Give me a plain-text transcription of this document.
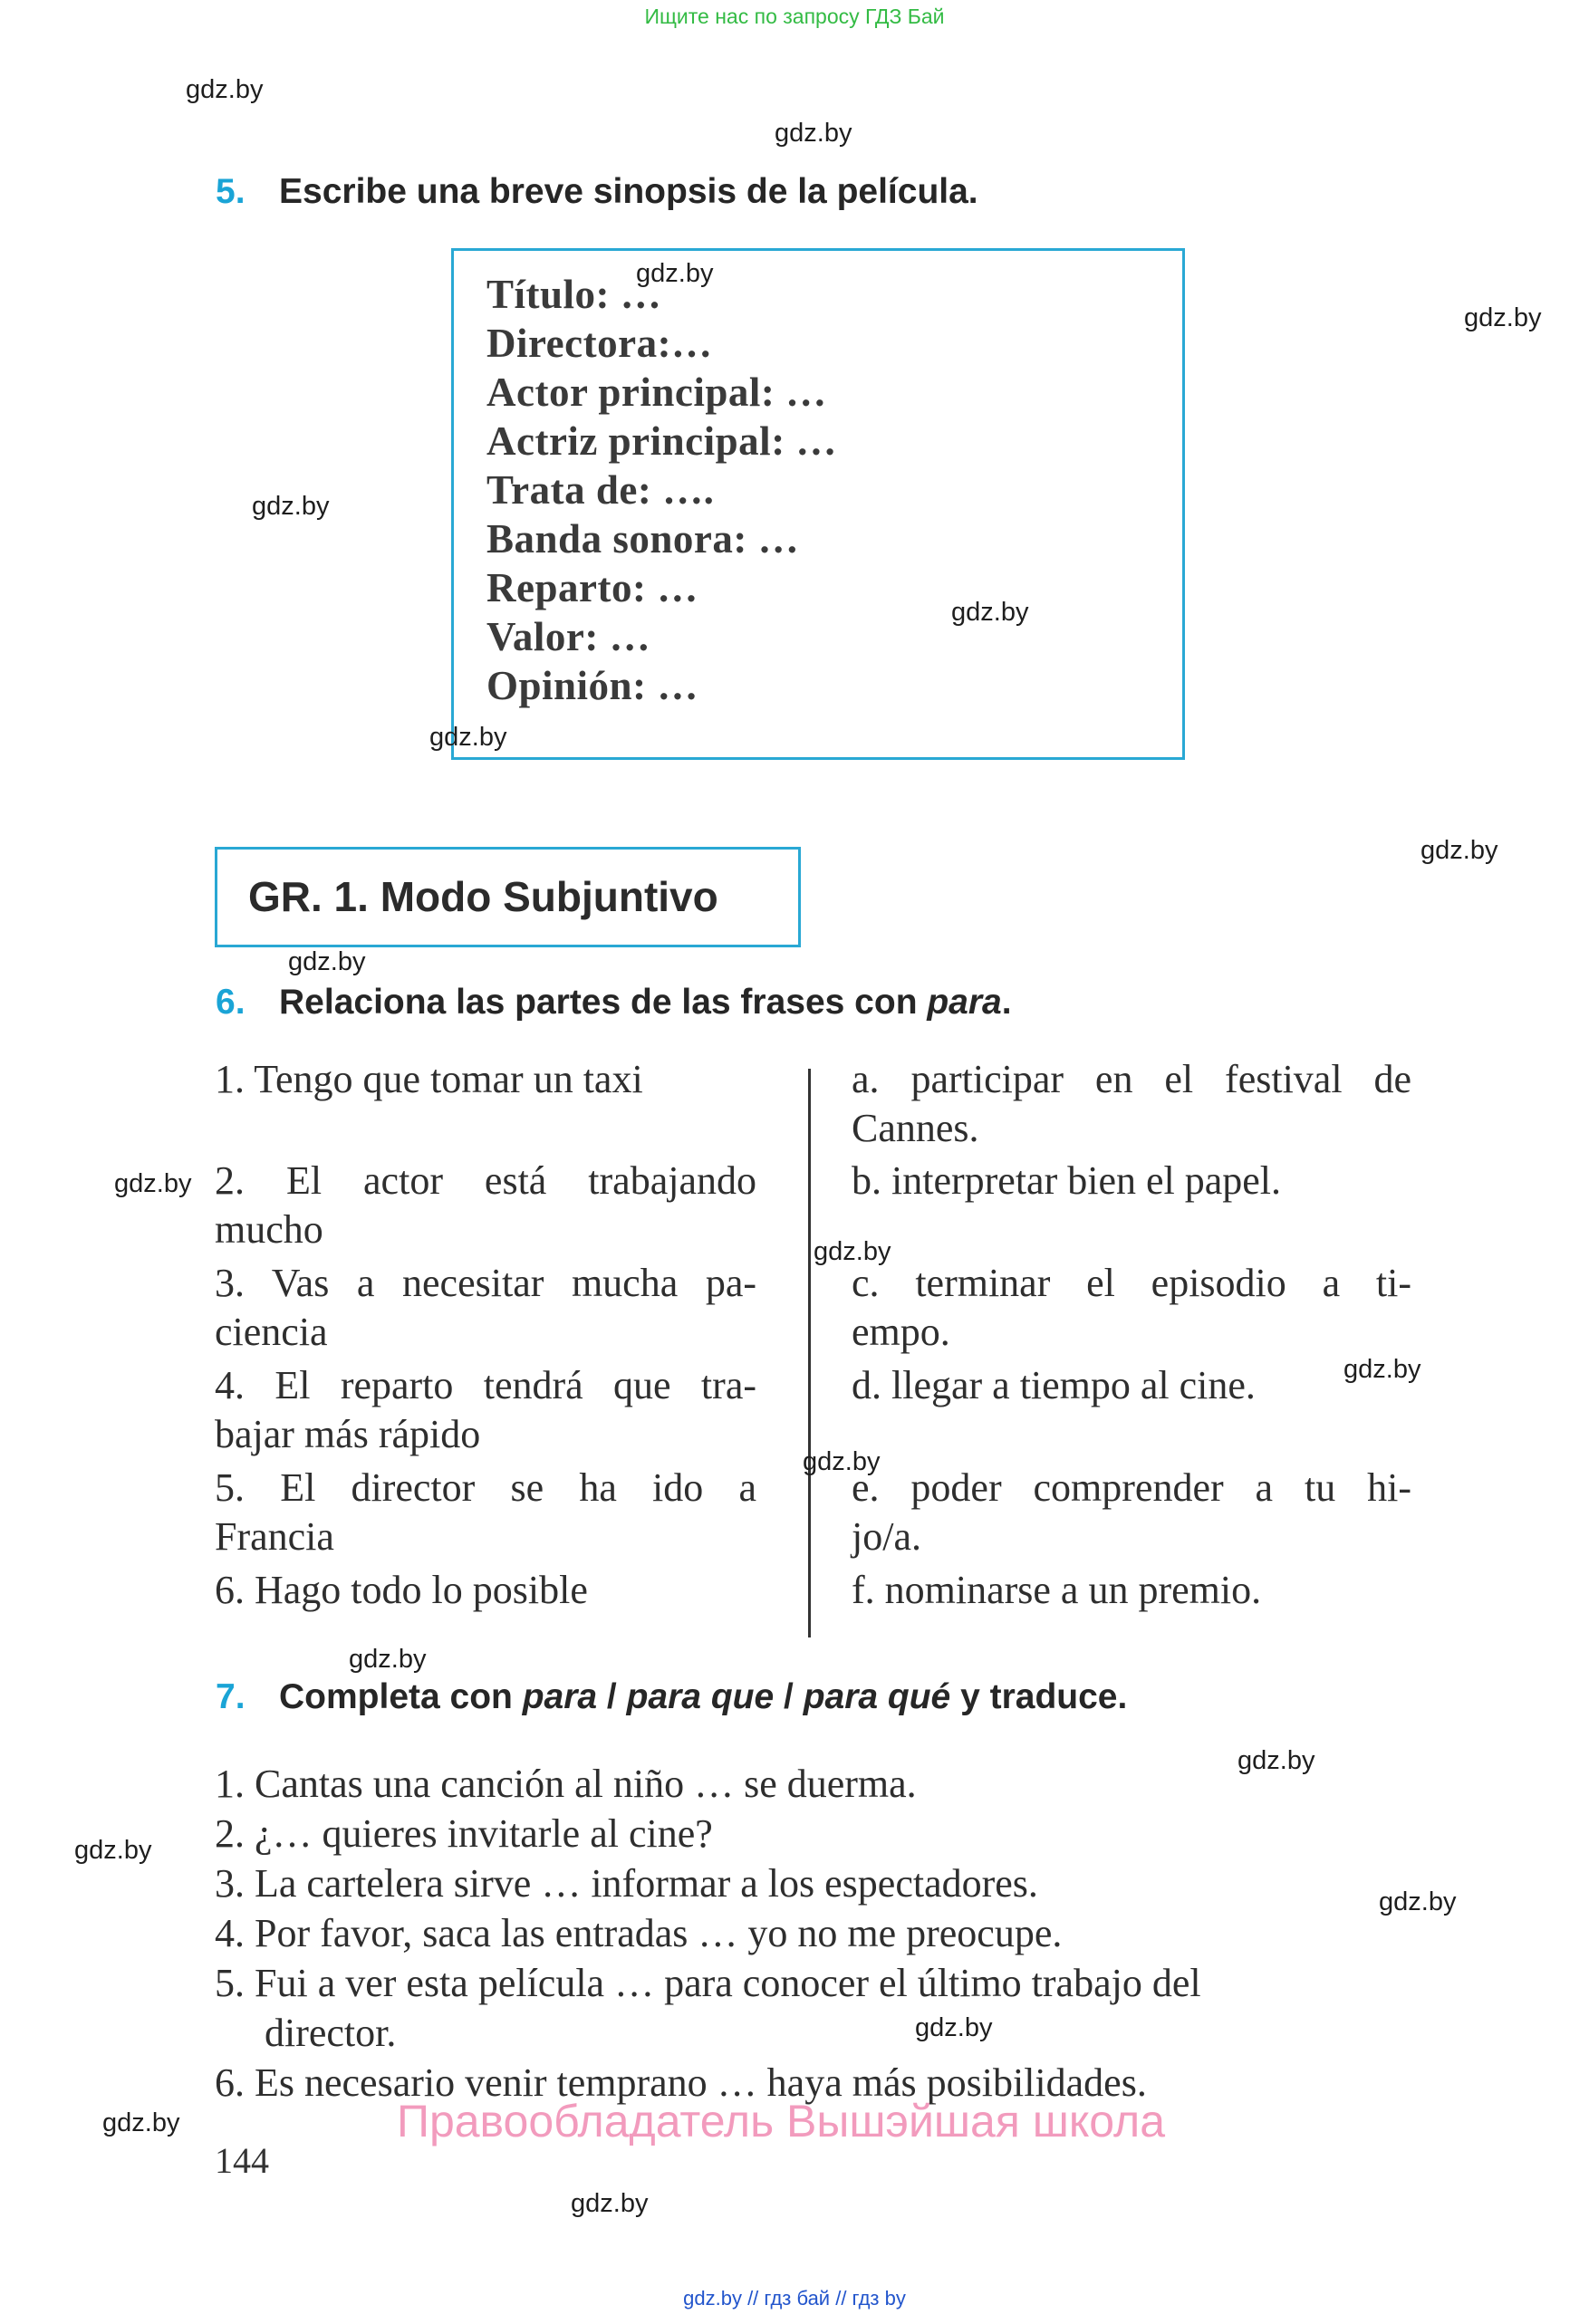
Ищите нас по запросу ГДЗ Бай
5. Escribe una breve sinopsis de la película.
Título: …
Directora:…
Actor principal: …
Actriz principal: …
Trata de: ….
Banda sonora: …
Reparto: …
Valor: …
Opinión: …
GR. 1. Modo Subjuntivo
6. Relaciona las partes de las frases con para.
1. Tengo que tomar un taxi
2. El actor está trabajando
mucho
3. Vas a necesitar mucha pa-
ciencia
4. El reparto tendrá que tra-
bajar más rápido
5. El director se ha ido a
Francia
6. Hago todo lo posible
a. participar en el festival de
Cannes.
b. interpretar bien el papel.
c. terminar el episodio a ti-
empo.
d. llegar a tiempo al cine.
e. poder comprender a tu hi-
jo/a.
f. nominarse a un premio.
7. Completa con para / para que / para qué y traduce.
1. Cantas una canción al niño … se duerma.
2. ¿… quieres invitarle al cine?
3. La cartelera sirve … informar a los espectadores.
4. Por favor, saca las entradas … yo no me preocupe.
5. Fui a ver esta película … para conocer el último trabajo del
director.
6. Es necesario venir temprano … haya más posibilidades.
Правообладатель Вышэйшая школа
144
gdz.by
gdz.by
gdz.by
gdz.by
gdz.by
gdz.by
gdz.by
gdz.by
gdz.by
gdz.by
gdz.by
gdz.by
gdz.by
gdz.by
gdz.by
gdz.by
gdz.by
gdz.by
gdz.by
gdz.by
gdz.by // гдз бай // гдз by
